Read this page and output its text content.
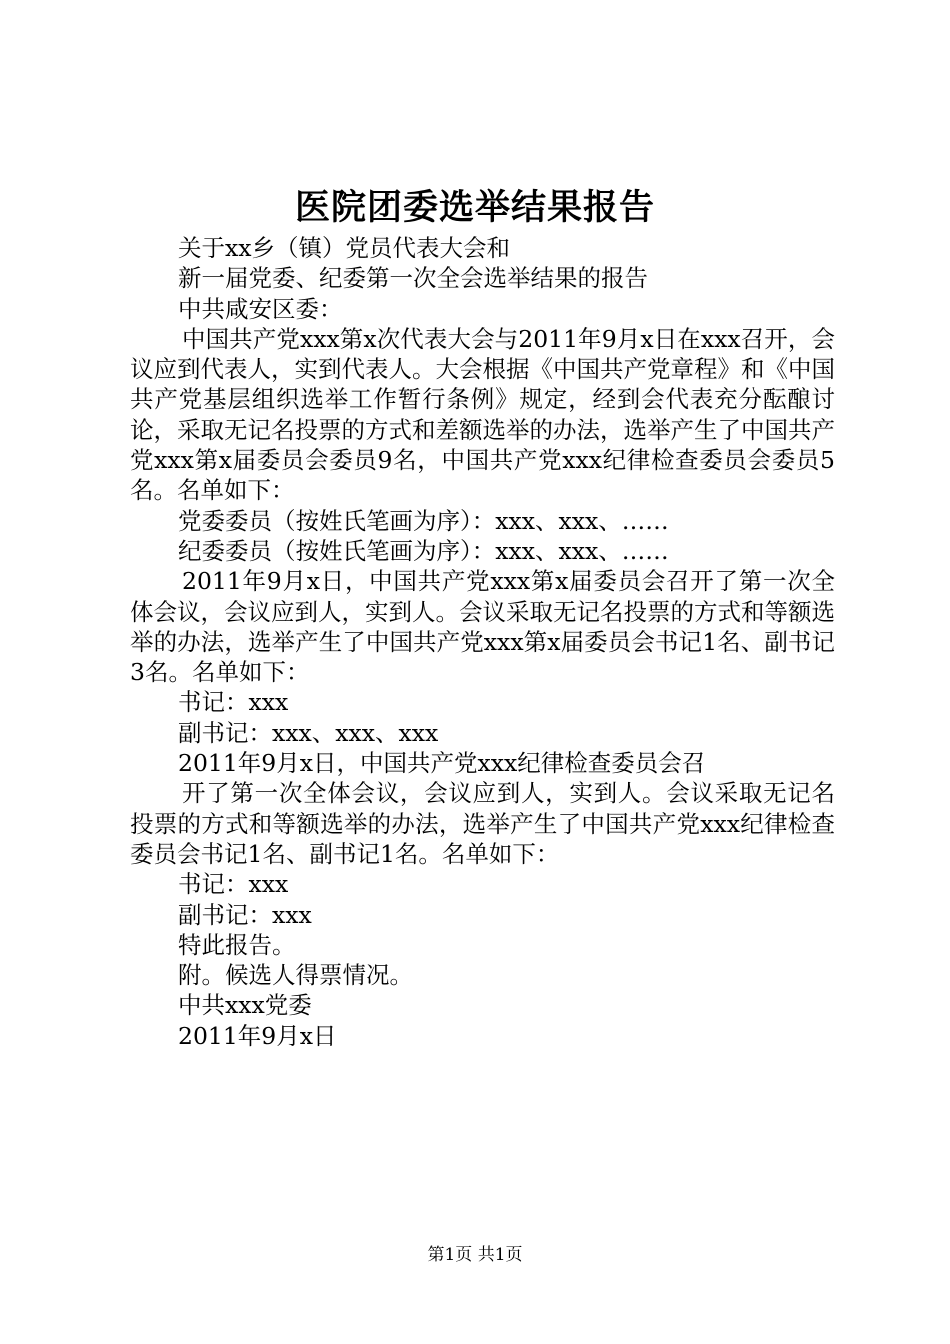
医院团委选举结果报告

关于xx乡（镇）党员代表大会和

新一届党委、纪委第一次全会选举结果的报告

中共咸安区委：

中国共产党xxx第x次代表大会与2011年9月x日在xxx召开，会议应到代表人，实到代表人。大会根据《中国共产党章程》和《中国共产党基层组织选举工作暂行条例》规定，经到会代表充分酝酿讨论，采取无记名投票的方式和差额选举的办法，选举产生了中国共产党xxx第x届委员会委员9名，中国共产党xxx纪律检查委员会委员5名。名单如下：

党委委员（按姓氏笔画为序）：xxx、xxx、……

纪委委员（按姓氏笔画为序）：xxx、xxx、……

2011年9月x日，中国共产党xxx第x届委员会召开了第一次全体会议，会议应到人，实到人。会议采取无记名投票的方式和等额选举的办法，选举产生了中国共产党xxx第x届委员会书记1名、副书记3名。名单如下：

书记：xxx

副书记：xxx、xxx、xxx

2011年9月x日，中国共产党xxx纪律检查委员会召

开了第一次全体会议，会议应到人，实到人。会议采取无记名投票的方式和等额选举的办法，选举产生了中国共产党xxx纪律检查委员会书记1名、副书记1名。名单如下：

书记：xxx

副书记：xxx

特此报告。

附。候选人得票情况。

中共xxx党委

2011年9月x日

第1页 共1页
